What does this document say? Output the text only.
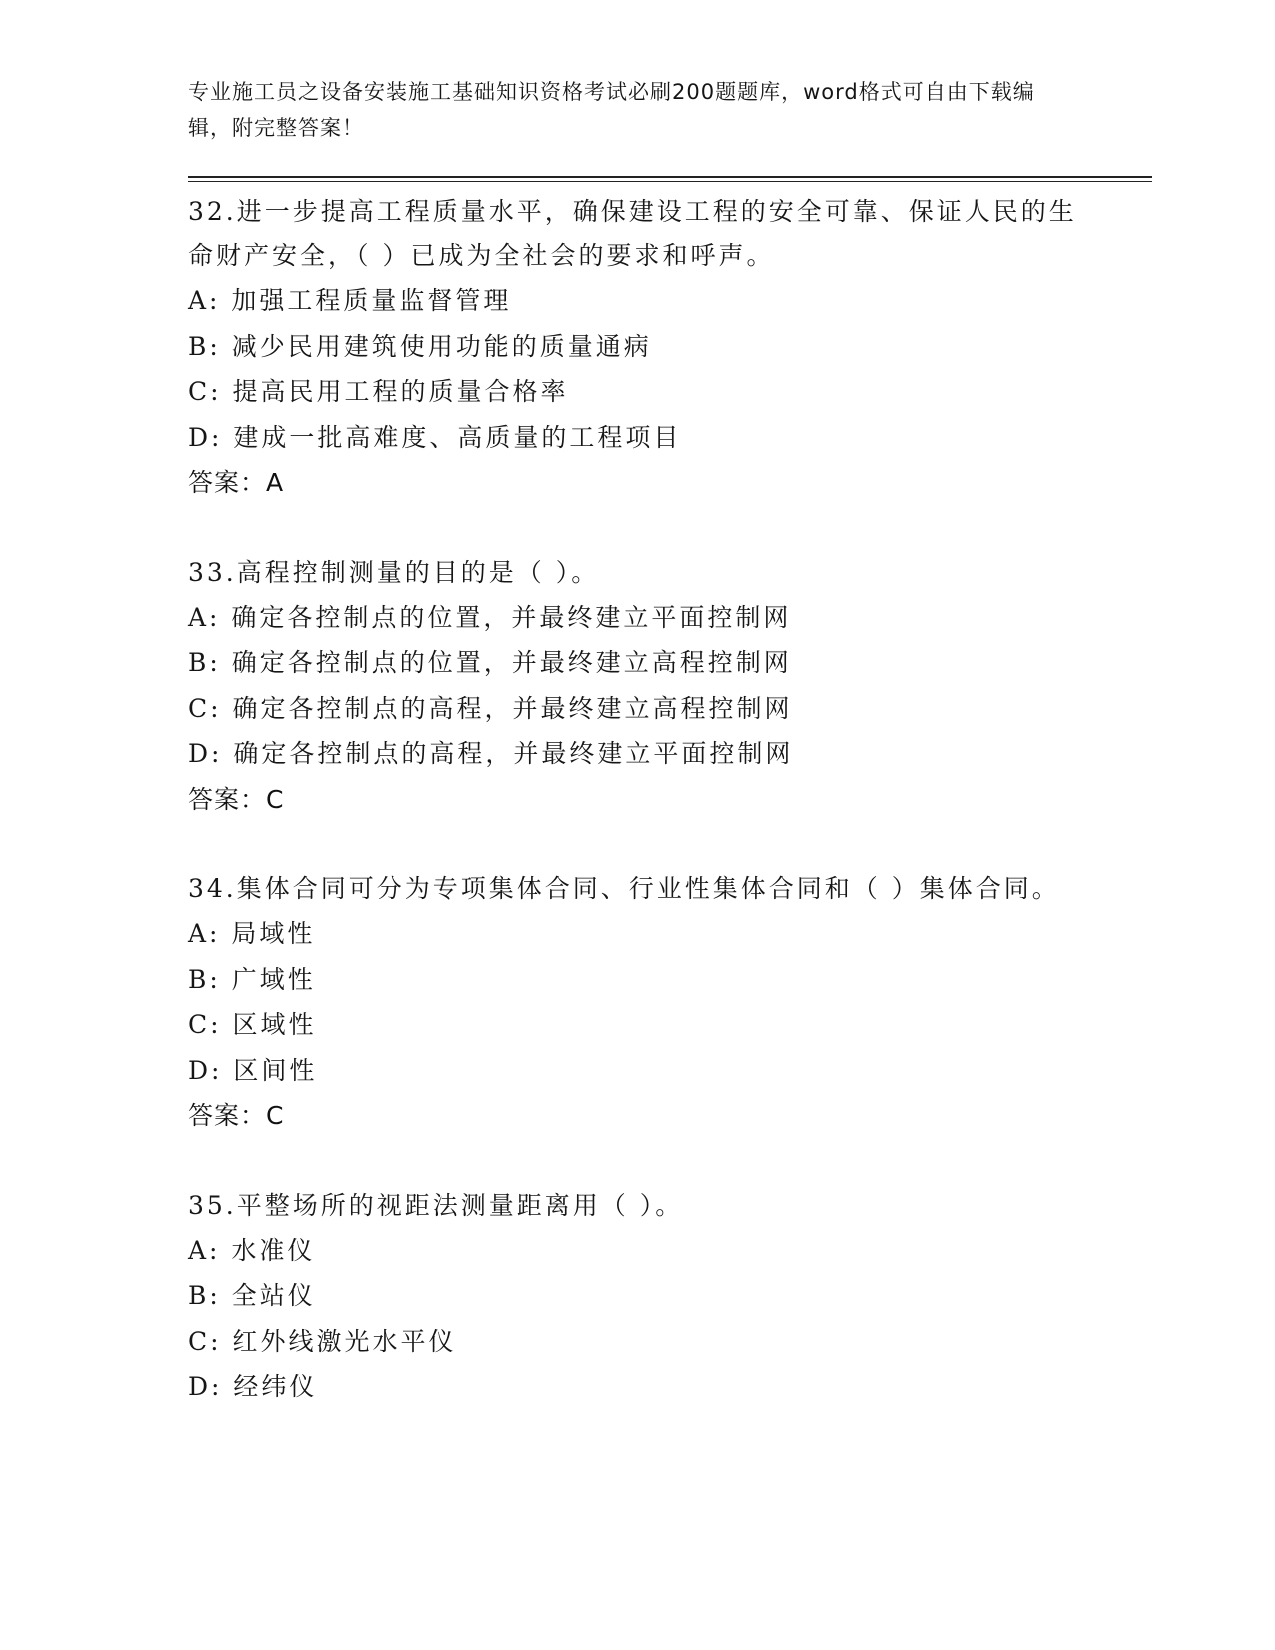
专业施工员之设备安装施工基础知识资格考试必刷200题题库，word格式可自由下载编辑，附完整答案！

32.进一步提高工程质量水平，确保建设工程的安全可靠、保证人民的生命财产安全，（ ）已成为全社会的要求和呼声。

A: 加强工程质量监督管理

B: 减少民用建筑使用功能的质量通病

C: 提高民用工程的质量合格率

D: 建成一批高难度、高质量的工程项目

答案：A

33.高程控制测量的目的是（ ）。

A: 确定各控制点的位置，并最终建立平面控制网

B: 确定各控制点的位置，并最终建立高程控制网

C: 确定各控制点的高程，并最终建立高程控制网

D: 确定各控制点的高程，并最终建立平面控制网

答案：C

34.集体合同可分为专项集体合同、行业性集体合同和（ ）集体合同。

A: 局域性

B: 广域性

C: 区域性

D: 区间性

答案：C

35.平整场所的视距法测量距离用（ ）。

A: 水准仪

B: 全站仪

C: 红外线激光水平仪

D: 经纬仪
